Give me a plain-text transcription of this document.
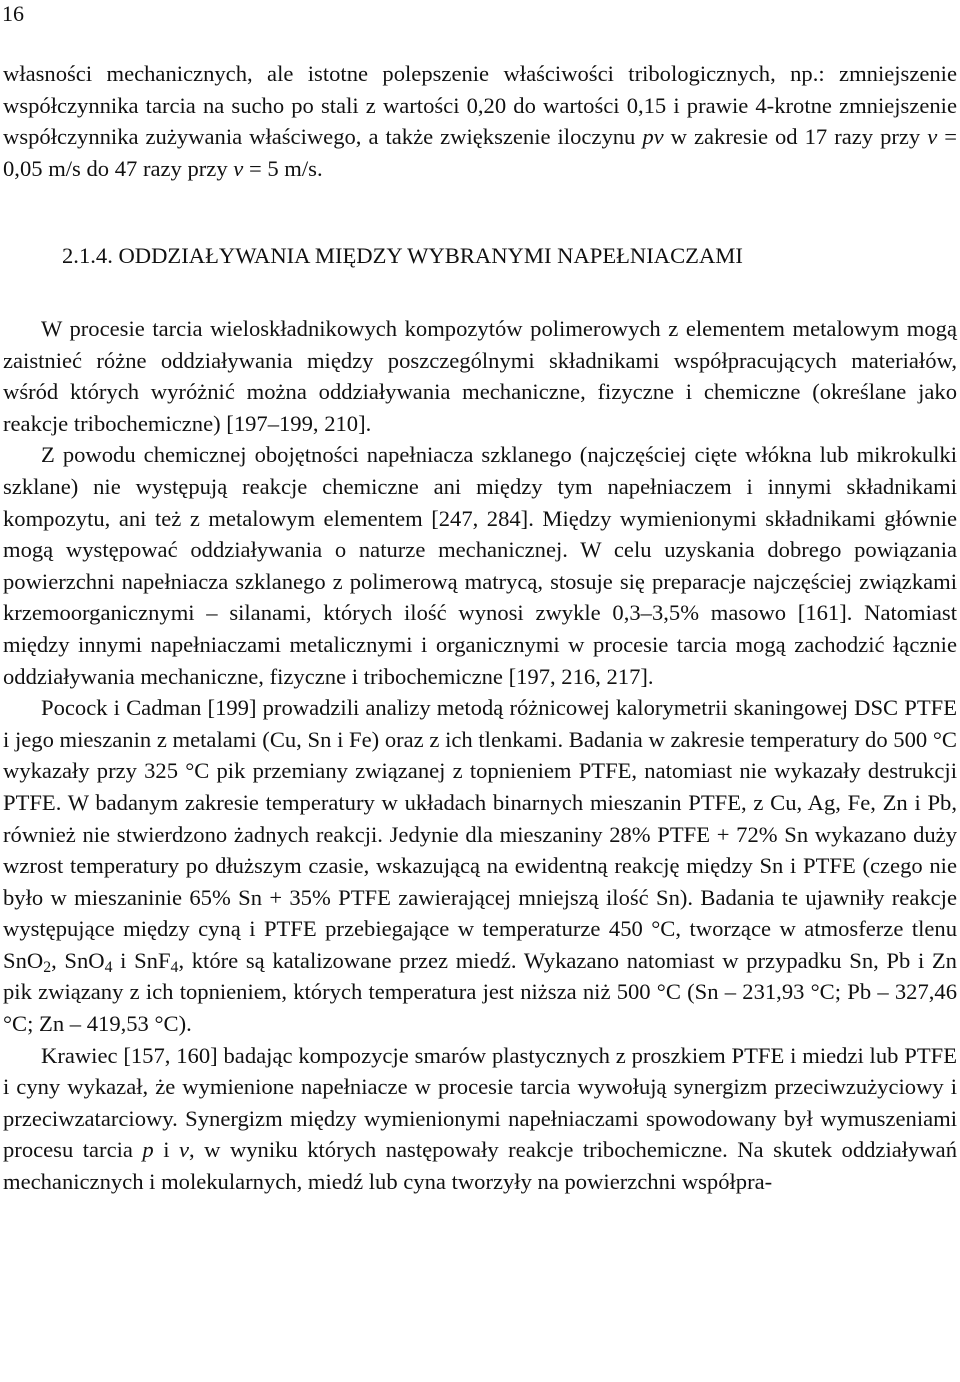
16

własności mechanicznych, ale istotne polepszenie właściwości tribologicznych, np.: zmniejszenie współczynnika tarcia na sucho po stali z wartości 0,20 do wartości 0,15 i prawie 4-krotne zmniejszenie współczynnika zużywania właściwego, a także zwiększenie iloczynu pv w zakresie od 17 razy przy v = 0,05 m/s do 47 razy przy v = 5 m/s.

2.1.4. ODDZIAŁYWANIA MIĘDZY WYBRANYMI NAPEŁNIACZAMI

W procesie tarcia wieloskładnikowych kompozytów polimerowych z elementem metalowym mogą zaistnieć różne oddziaływania między poszczególnymi składnikami współpracujących materiałów, wśród których wyróżnić można oddziaływania mechaniczne, fizyczne i chemiczne (określane jako reakcje tribochemiczne) [197–199, 210].

Z powodu chemicznej obojętności napełniacza szklanego (najczęściej cięte włókna lub mikrokulki szklane) nie występują reakcje chemiczne ani między tym napełniaczem i innymi składnikami kompozytu, ani też z metalowym elementem [247, 284]. Między wymienionymi składnikami głównie mogą występować oddziaływania o naturze mechanicznej. W celu uzyskania dobrego powiązania powierzchni napełniacza szklanego z polimerową matrycą, stosuje się preparacje najczęściej związkami krzemoorganicznymi – silanami, których ilość wynosi zwykle 0,3–3,5% masowo [161]. Natomiast między innymi napełniaczami metalicznymi i organicznymi w procesie tarcia mogą zachodzić łącznie oddziaływania mechaniczne, fizyczne i tribochemiczne [197, 216, 217].

Pocock i Cadman [199] prowadzili analizy metodą różnicowej kalorymetrii skaningowej DSC PTFE i jego mieszanin z metalami (Cu, Sn i Fe) oraz z ich tlenkami. Badania w zakresie temperatury do 500 °C wykazały przy 325 °C pik przemiany związanej z topnieniem PTFE, natomiast nie wykazały destrukcji PTFE. W badanym zakresie temperatury w układach binarnych mieszanin PTFE, z Cu, Ag, Fe, Zn i Pb, również nie stwierdzono żadnych reakcji. Jedynie dla mieszaniny 28% PTFE + 72% Sn wykazano duży wzrost temperatury po dłuższym czasie, wskazującą na ewidentną reakcję między Sn i PTFE (czego nie było w mieszaninie 65% Sn + 35% PTFE zawierającej mniejszą ilość Sn). Badania te ujawniły reakcje występujące między cyną i PTFE przebiegające w temperaturze 450 °C, tworzące w atmosferze tlenu SnO$_2$, SnO$_4$ i SnF$_4$, które są katalizowane przez miedź. Wykazano natomiast w przypadku Sn, Pb i Zn pik związany z ich topnieniem, których temperatura jest niższa niż 500 °C (Sn – 231,93 °C; Pb – 327,46 °C; Zn – 419,53 °C).

Krawiec [157, 160] badając kompozycje smarów plastycznych z proszkiem PTFE i miedzi lub PTFE i cyny wykazał, że wymienione napełniacze w procesie tarcia wywołują synergizm przeciwzużyciowy i przeciwzatarciowy. Synergizm między wymienionymi napełniaczami spowodowany był wymuszeniami procesu tarcia p i v, w wyniku których następowały reakcje tribochemiczne. Na skutek oddziaływań mechanicznych i molekularnych, miedź lub cyna tworzyły na powierzchni współpra-
